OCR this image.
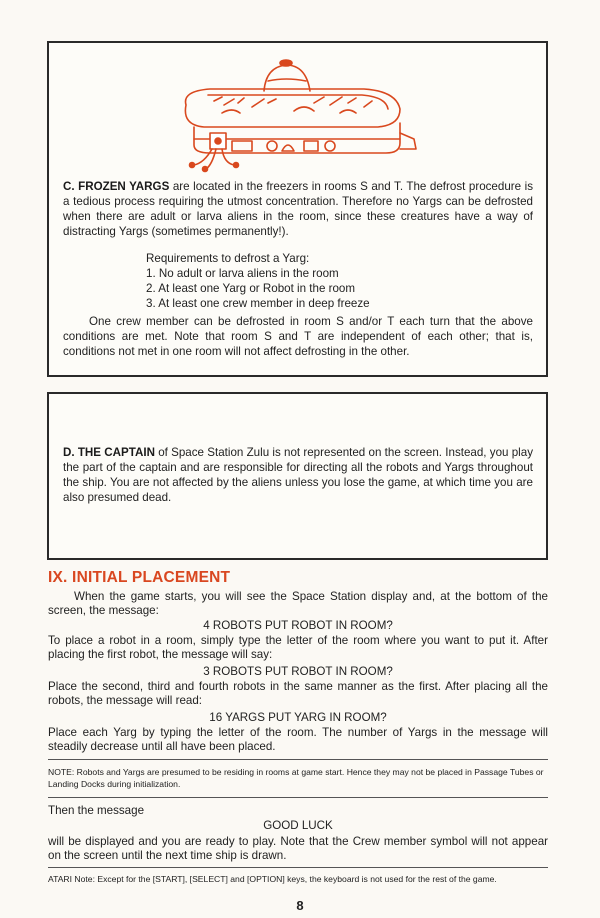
C. FROZEN YARGS are located in the freezers in rooms S and T. The defrost procedure is a tedious process requiring the utmost concentration. Therefore no Yargs can be defrosted when there are adult or larva aliens in the room, since these creatures have a way of distracting Yargs (sometimes permanently!).

Requirements to defrost a Yarg:
1. No adult or larva aliens in the room
2. At least one Yarg or Robot in the room
3. At least one crew member in deep freeze

One crew member can be defrosted in room S and/or T each turn that the above conditions are met. Note that room S and T are independent of each other; that is, conditions not met in one room will not affect defrosting in the other.

D. THE CAPTAIN of Space Station Zulu is not represented on the screen. Instead, you play the part of the captain and are responsible for directing all the robots and Yargs throughout the ship. You are not affected by the aliens unless you lose the game, at which time you are also presumed dead.

IX. INITIAL PLACEMENT

When the game starts, you will see the Space Station display and, at the bottom of the screen, the message:

4 ROBOTS PUT ROBOT IN ROOM?

To place a robot in a room, simply type the letter of the room where you want to put it. After placing the first robot, the message will say:

3 ROBOTS PUT ROBOT IN ROOM?

Place the second, third and fourth robots in the same manner as the first. After placing all the robots, the message will read:

16 YARGS PUT YARG IN ROOM?

Place each Yarg by typing the letter of the room. The number of Yargs in the message will steadily decrease until all have been placed.

NOTE: Robots and Yargs are presumed to be residing in rooms at game start. Hence they may not be placed in Passage Tubes or Landing Docks during initialization.

Then the message

GOOD LUCK

will be displayed and you are ready to play. Note that the Crew member symbol will not appear on the screen until the next time ship is drawn.

ATARI Note: Except for the [START], [SELECT] and [OPTION] keys, the keyboard is not used for the rest of the game.

8
